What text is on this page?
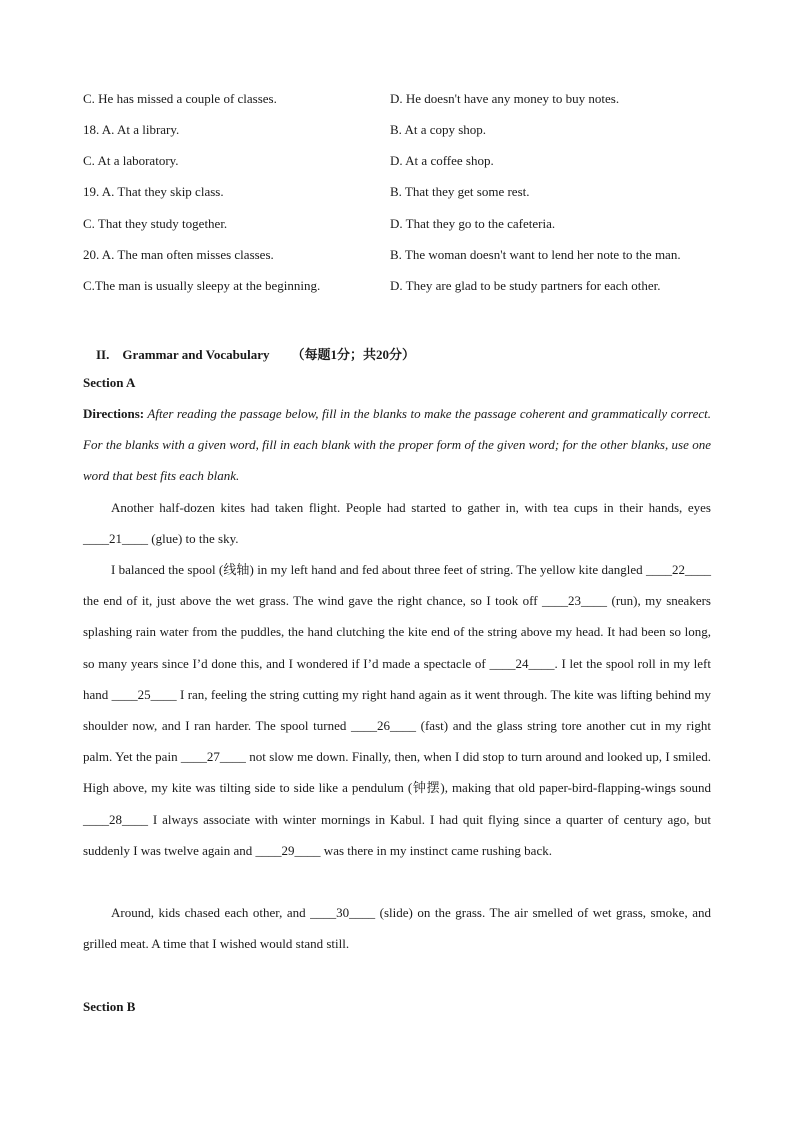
C. He has missed a couple of classes.	D. He doesn't have any money to buy notes.
18. A. At a library.	B. At a copy shop.
C. At a laboratory.	D. At a coffee shop.
19. A. That they skip class.	B. That they get some rest.
C. That they study together.	D. That they go to the cafeteria.
20. A. The man often misses classes.	B. The woman doesn't want to lend her note to the man.
C.The man is usually sleepy at the beginning.	D. They are glad to be study partners for each other.

II.    Grammar and Vocabulary （每题1分；共20分）

Section A
Directions: After reading the passage below, fill in the blanks to make the passage coherent and grammatically correct. For the blanks with a given word, fill in each blank with the proper form of the given word; for the other blanks, use one word that best fits each blank.
Another half-dozen kites had taken flight. People had started to gather in, with tea cups in their hands, eyes ____21____ (glue) to the sky.
I balanced the spool (线轴) in my left hand and fed about three feet of string. The yellow kite dangled ____22____ the end of it, just above the wet grass. The wind gave the right chance, so I took off ____23____ (run), my sneakers splashing rain water from the puddles, the hand clutching the kite end of the string above my head. It had been so long, so many years since I’d done this, and I wondered if I’d made a spectacle of ____24____. I let the spool roll in my left hand ____25____ I ran, feeling the string cutting my right hand again as it went through. The kite was lifting behind my shoulder now, and I ran harder. The spool turned ____26____ (fast) and the glass string tore another cut in my right palm. Yet the pain ____27____ not slow me down. Finally, then, when I did stop to turn around and looked up, I smiled. High above, my kite was tilting side to side like a pendulum (钟摆), making that old paper-bird-flapping-wings sound ____28____ I always associate with winter mornings in Kabul. I had quit flying since a quarter of century ago, but suddenly I was twelve again and ____29____ was there in my instinct came rushing back.
Around, kids chased each other, and ____30____ (slide) on the grass. The air smelled of wet grass, smoke, and grilled meat. A time that I wished would stand still.
Section B
